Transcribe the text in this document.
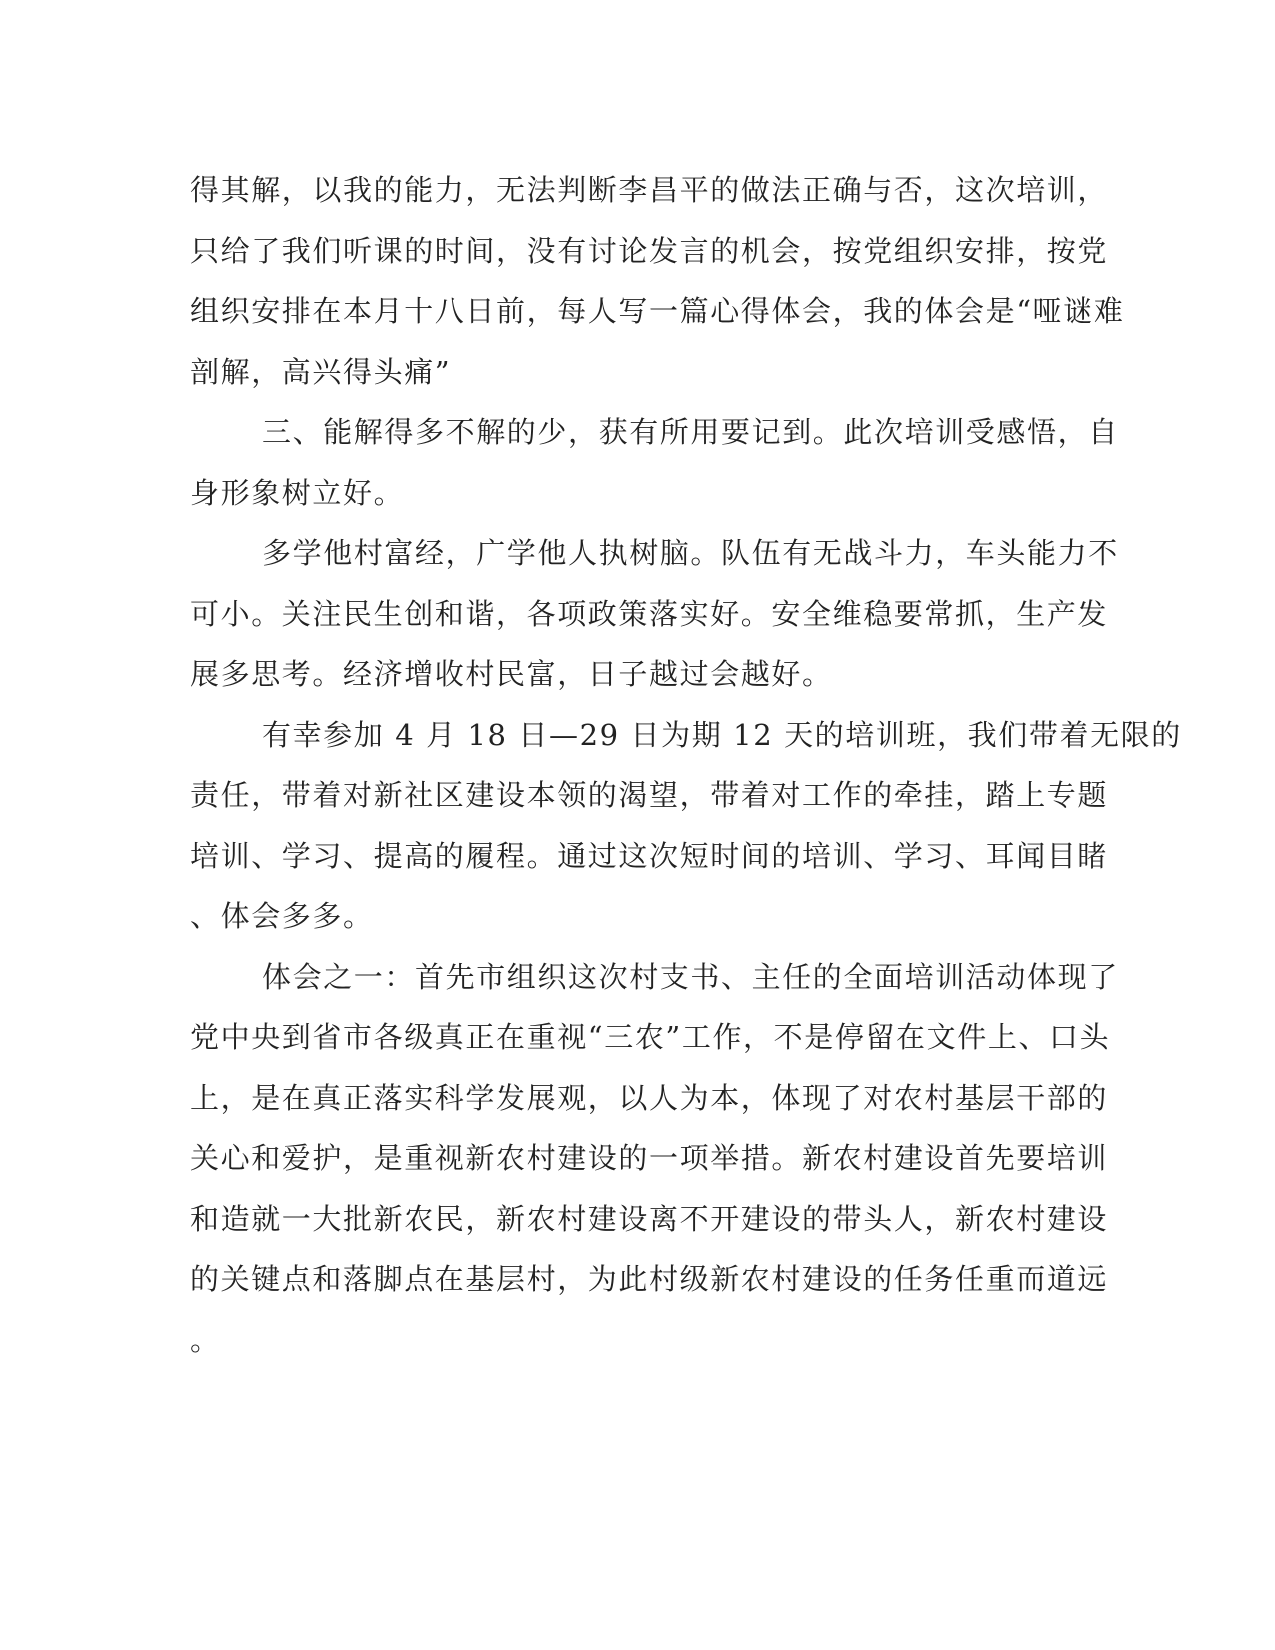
得其解，以我的能力，无法判断李昌平的做法正确与否，这次培训，
只给了我们听课的时间，没有讨论发言的机会，按党组织安排，按党
组织安排在本月十八日前，每人写一篇心得体会，我的体会是“哑谜难
剖解，高兴得头痛”
三、能解得多不解的少，获有所用要记到。此次培训受感悟，自
身形象树立好。
多学他村富经，广学他人执树脑。队伍有无战斗力，车头能力不
可小。关注民生创和谐，各项政策落实好。安全维稳要常抓，生产发
展多思考。经济增收村民富，日子越过会越好。
有幸参加 4 月 18 日—29 日为期 12 天的培训班，我们带着无限的
责任，带着对新社区建设本领的渴望，带着对工作的牵挂，踏上专题
培训、学习、提高的履程。通过这次短时间的培训、学习、耳闻目睹
、体会多多。
体会之一：首先市组织这次村支书、主任的全面培训活动体现了
党中央到省市各级真正在重视“三农”工作，不是停留在文件上、口头
上，是在真正落实科学发展观，以人为本，体现了对农村基层干部的
关心和爱护，是重视新农村建设的一项举措。新农村建设首先要培训
和造就一大批新农民，新农村建设离不开建设的带头人，新农村建设
的关键点和落脚点在基层村，为此村级新农村建设的任务任重而道远
。
